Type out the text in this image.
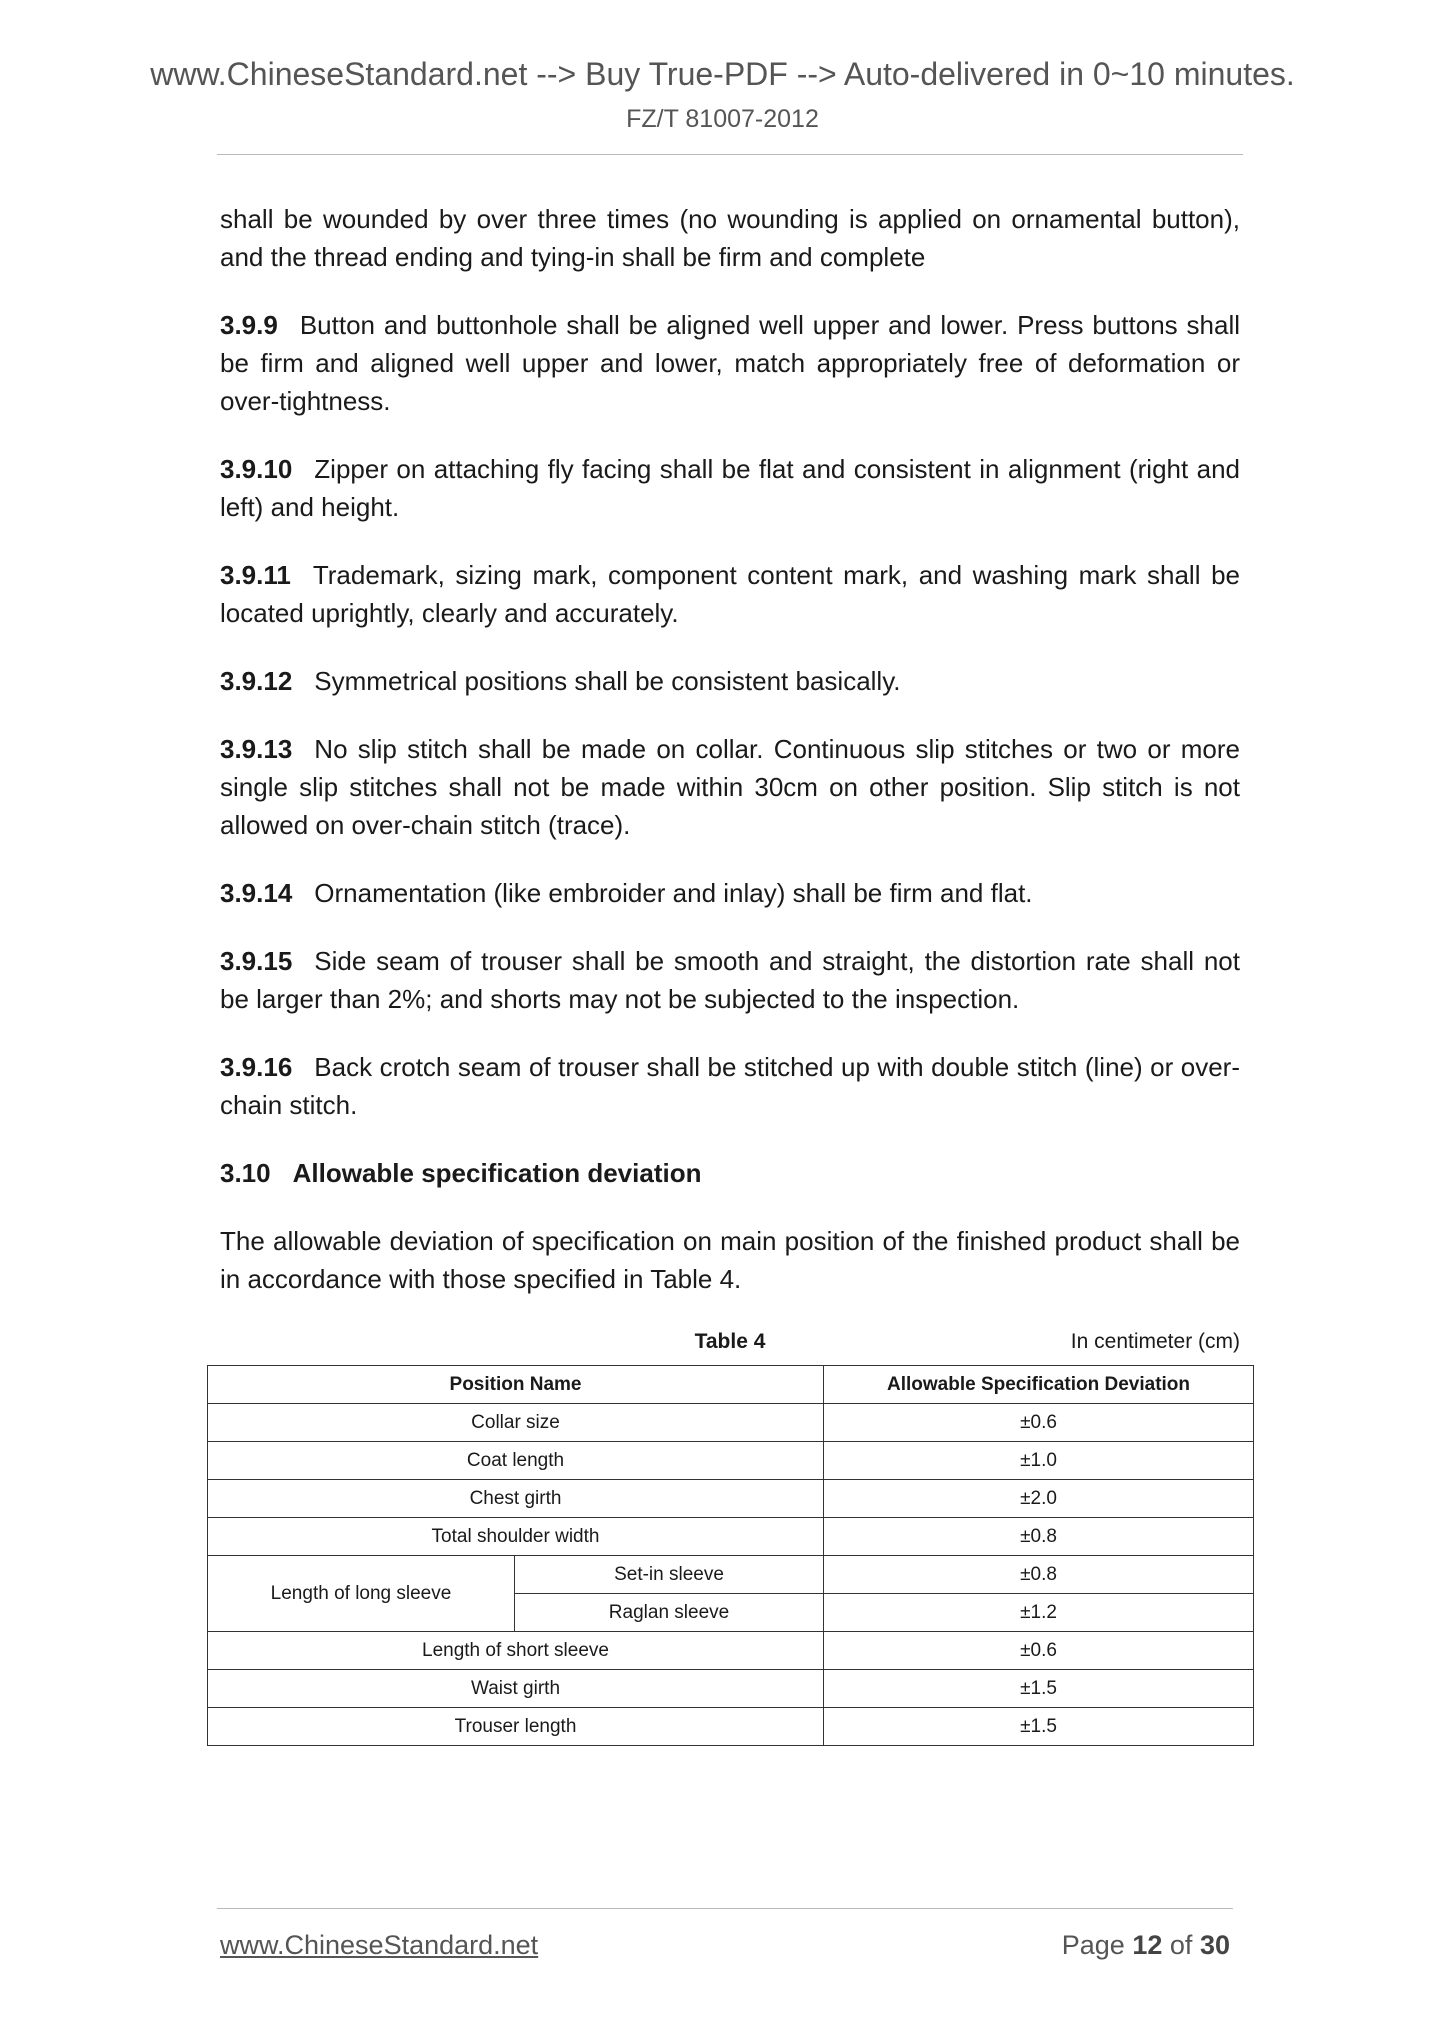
www.ChineseStandard.net --> Buy True-PDF --> Auto-delivered in 0~10 minutes.
FZ/T 81007-2012

shall be wounded by over three times (no wounding is applied on ornamental button), and the thread ending and tying-in shall be firm and complete

3.9.9 Button and buttonhole shall be aligned well upper and lower. Press buttons shall be firm and aligned well upper and lower, match appropriately free of deformation or over-tightness.

3.9.10 Zipper on attaching fly facing shall be flat and consistent in alignment (right and left) and height.

3.9.11 Trademark, sizing mark, component content mark, and washing mark shall be located uprightly, clearly and accurately.

3.9.12 Symmetrical positions shall be consistent basically.

3.9.13 No slip stitch shall be made on collar. Continuous slip stitches or two or more single slip stitches shall not be made within 30cm on other position. Slip stitch is not allowed on over-chain stitch (trace).

3.9.14 Ornamentation (like embroider and inlay) shall be firm and flat.

3.9.15 Side seam of trouser shall be smooth and straight, the distortion rate shall not be larger than 2%; and shorts may not be subjected to the inspection.

3.9.16 Back crotch seam of trouser shall be stitched up with double stitch (line) or over-chain stitch.

3.10 Allowable specification deviation

The allowable deviation of specification on main position of the finished product shall be in accordance with those specified in Table 4.

Table 4	In centimeter (cm)
Position Name		Allowable Specification Deviation
Collar size		±0.6
Coat length		±1.0
Chest girth		±2.0
Total shoulder width		±0.8
Length of long sleeve	Set-in sleeve	±0.8
	Raglan sleeve	±1.2
Length of short sleeve		±0.6
Waist girth		±1.5
Trouser length		±1.5
www.ChineseStandard.net	Page 12 of 30
